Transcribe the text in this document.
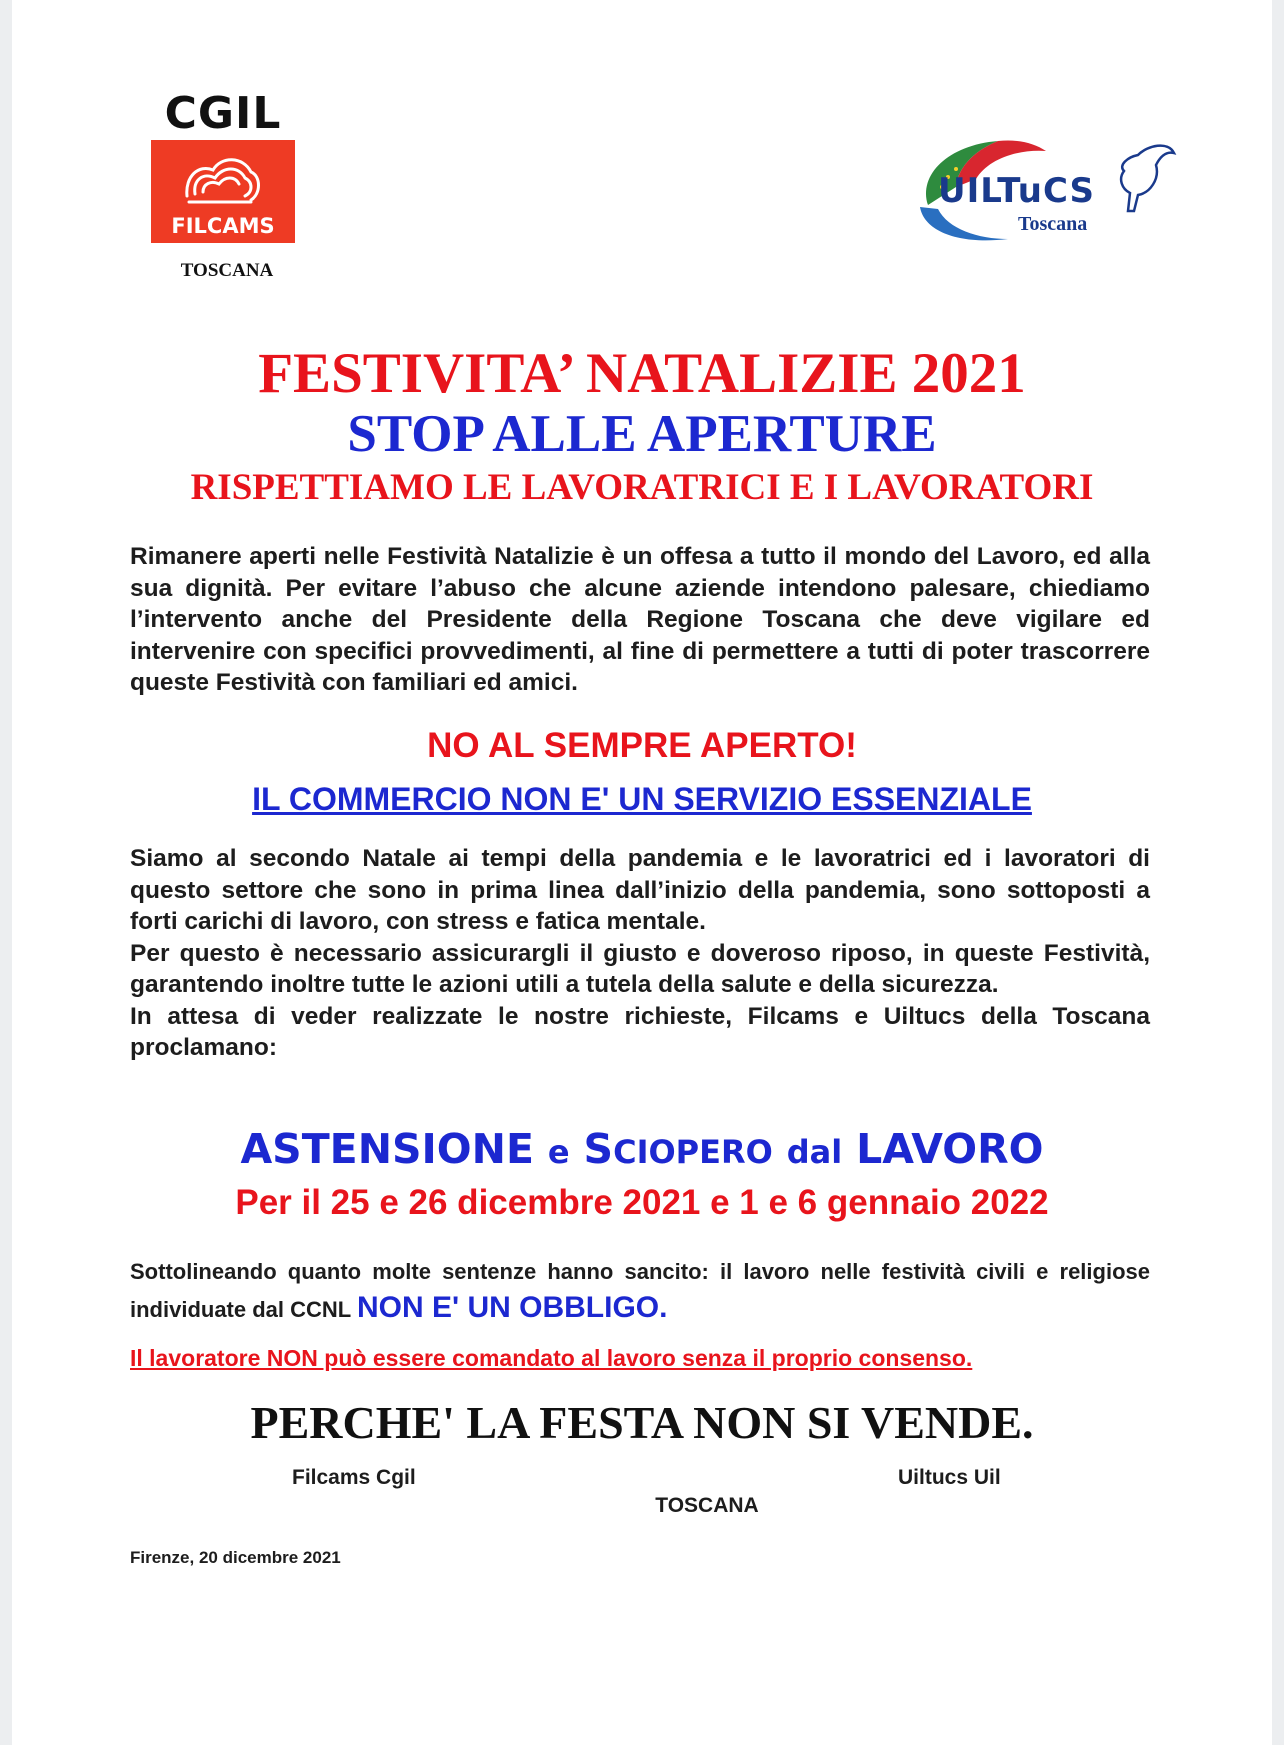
CGIL
FILCAMS
TOSCANA
UILTuCS
Toscana
FESTIVITA’ NATALIZIE 2021
STOP ALLE APERTURE
RISPETTIAMO LE LAVORATRICI E I LAVORATORI

Rimanere aperti nelle Festività Natalizie è un offesa a tutto il mondo del Lavoro, ed alla sua dignità. Per evitare l’abuso che alcune aziende intendono palesare, chiediamo l’intervento anche del Presidente della Regione Toscana che deve vigilare ed intervenire con specifici provvedimenti, al fine di permettere a tutti di poter trascorrere queste Festività con familiari ed amici.

NO AL SEMPRE APERTO!
IL COMMERCIO NON E' UN SERVIZIO ESSENZIALE

Siamo al secondo Natale ai tempi della pandemia e le lavoratrici ed i lavoratori di questo settore che sono in prima linea dall’inizio della pandemia, sono sottoposti a forti carichi di lavoro, con stress e fatica mentale.

Per questo è necessario assicurargli il giusto e doveroso riposo, in queste Festività, garantendo inoltre tutte le azioni utili a tutela della salute e della sicurezza.

In attesa di veder realizzate le nostre richieste, Filcams e Uiltucs della Toscana proclamano:

ASTENSIONE e SCIOPERO dal LAVORO
Per il 25 e 26 dicembre 2021 e 1 e 6 gennaio 2022
Sottolineando quanto molte sentenze hanno sancito: il lavoro nelle festività civili e religiose individuate dal CCNL NON E' UN OBBLIGO.
Il lavoratore NON può essere comandato al lavoro senza il proprio consenso.
PERCHE' LA FESTA NON SI VENDE.
Filcams Cgil	Uiltucs Uil
TOSCANA
Firenze, 20 dicembre 2021
